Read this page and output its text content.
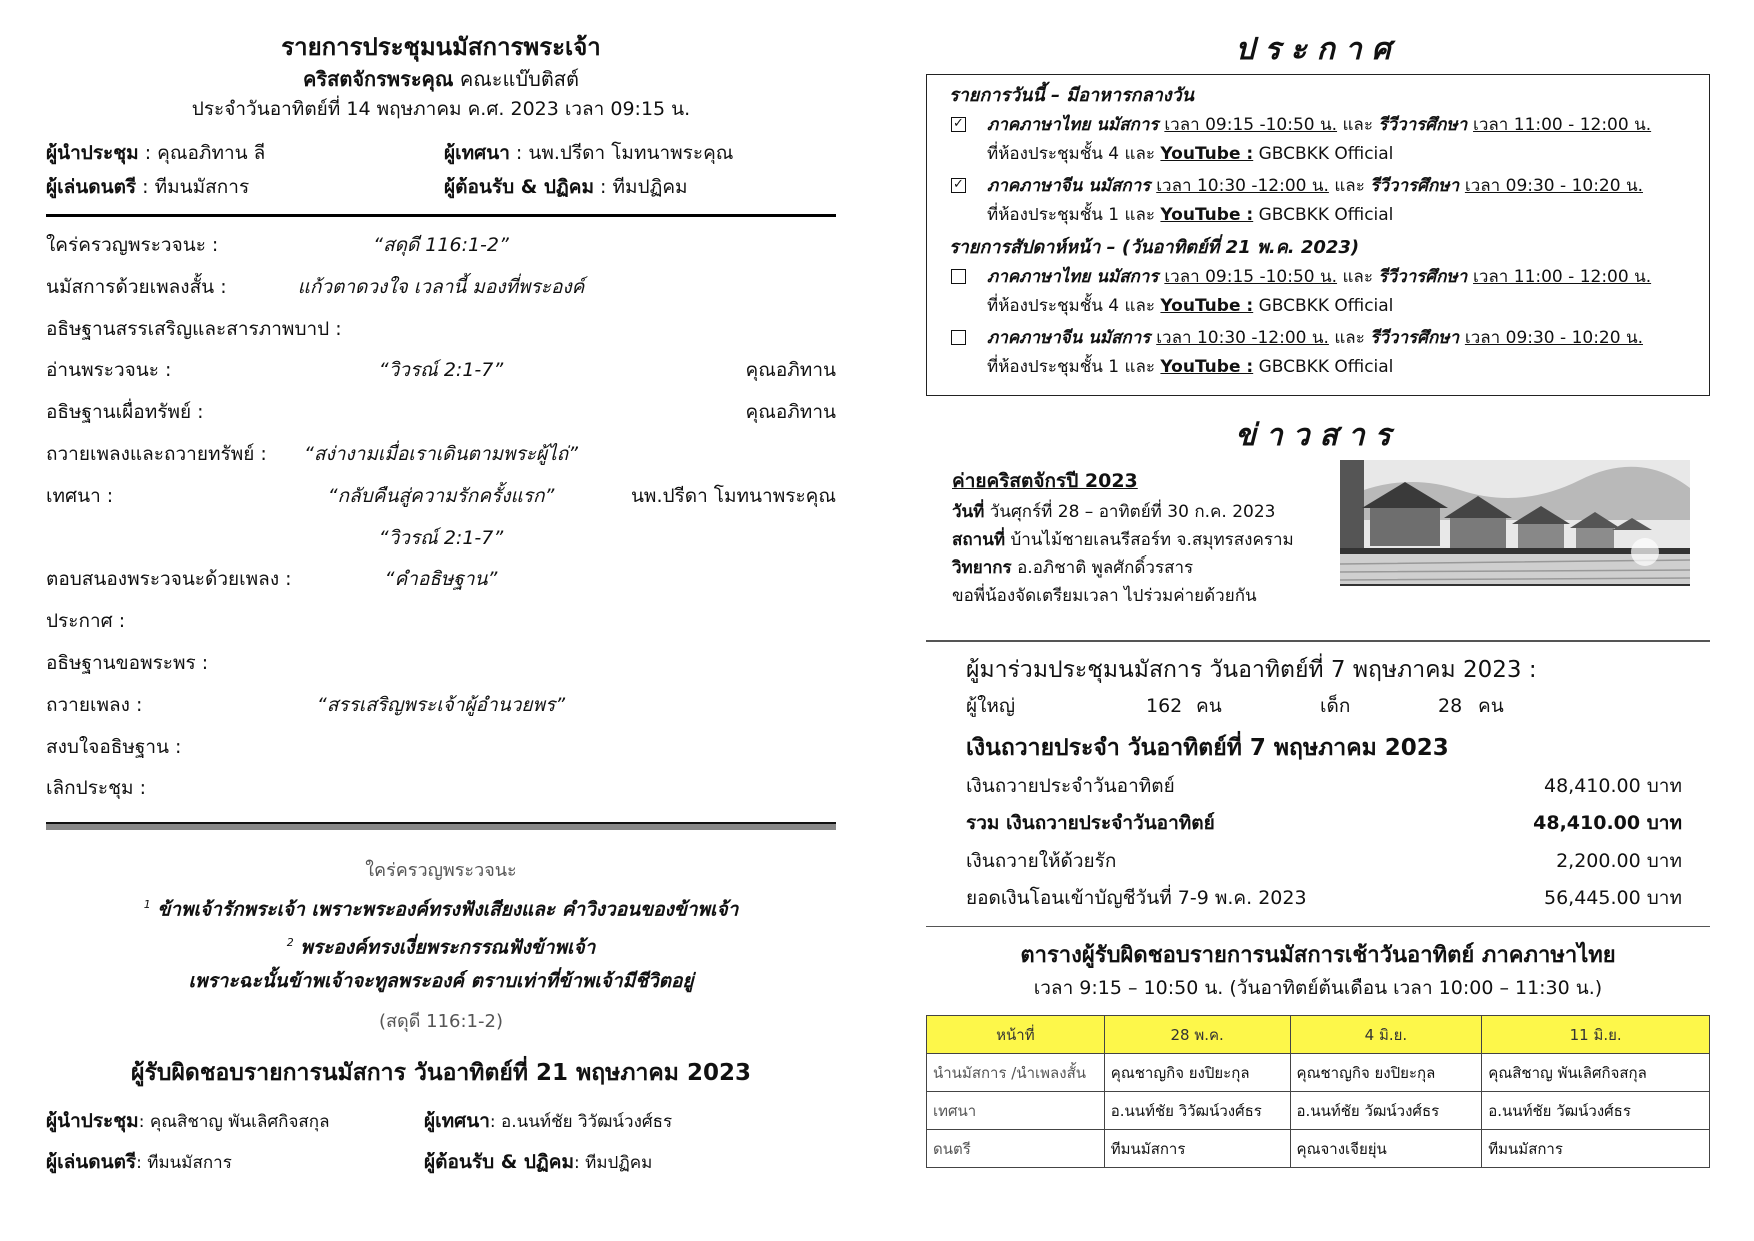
รายการประชุมนมัสการพระเจ้า
คริสตจักรพระคุณ คณะแบ๊บติสต์
ประจำวันอาทิตย์ที่ 14 พฤษภาคม ค.ศ. 2023 เวลา 09:15 น.
ผู้นำประชุม : คุณอภิทาน ลี	ผู้เทศนา : นพ.ปรีดา โมทนาพระคุณ
ผู้เล่นดนตรี : ทีมนมัสการ	ผู้ต้อนรับ & ปฏิคม : ทีมปฏิคม
ใคร่ครวญพระวจนะ :	“สดุดี 116:1-2”
นมัสการด้วยเพลงสั้น :	แก้วตาดวงใจ เวลานี้ มองที่พระองค์
อธิษฐานสรรเสริญและสารภาพบาป :
อ่านพระวจนะ :	“วิวรณ์ 2:1-7”	คุณอภิทาน
อธิษฐานเผื่อทรัพย์ :	คุณอภิทาน
ถวายเพลงและถวายทรัพย์ :	“สง่างามเมื่อเราเดินตามพระผู้ไถ่”
เทศนา :	“กลับคืนสู่ความรักครั้งแรก”	นพ.ปรีดา โมทนาพระคุณ
“วิวรณ์ 2:1-7”
ตอบสนองพระวจนะด้วยเพลง :	“คำอธิษฐาน”
ประกาศ :
อธิษฐานขอพระพร :
ถวายเพลง :	“สรรเสริญพระเจ้าผู้อำนวยพร”
สงบใจอธิษฐาน :
เลิกประชุม :
ใคร่ครวญพระวจนะ
$^1$ ข้าพเจ้ารักพระเจ้า เพราะพระองค์ทรงฟังเสียงและ คำวิงวอนของข้าพเจ้า
$^2$ พระองค์ทรงเงี่ยพระกรรณฟังข้าพเจ้า
เพราะฉะนั้นข้าพเจ้าจะทูลพระองค์ ตราบเท่าที่ข้าพเจ้ามีชีวิตอยู่
(สดุดี 116:1-2)
ผู้รับผิดชอบรายการนมัสการ วันอาทิตย์ที่ 21 พฤษภาคม 2023
ผู้นำประชุม: คุณสิชาญ พันเลิศกิจสกุล	ผู้เทศนา: อ.นนท์ชัย วิวัฒน์วงศ์ธร
ผู้เล่นดนตรี: ทีมนมัสการ	ผู้ต้อนรับ & ปฏิคม: ทีมปฏิคม
ประกาศ
รายการวันนี้ – มีอาหารกลางวัน
✓ ภาคภาษาไทย นมัสการ เวลา 09:15 -10:50 น. และ รีวีวารศึกษา เวลา 11:00 - 12:00 น.
ที่ห้องประชุมชั้น 4 และ YouTube : GBCBKK Official
✓ ภาคภาษาจีน นมัสการ เวลา 10:30 -12:00 น. และ รีวีวารศึกษา เวลา 09:30 - 10:20 น.
ที่ห้องประชุมชั้น 1 และ YouTube : GBCBKK Official
รายการสัปดาห์หน้า – (วันอาทิตย์ที่ 21 พ.ค. 2023)
ภาคภาษาไทย นมัสการ เวลา 09:15 -10:50 น. และ รีวีวารศึกษา เวลา 11:00 - 12:00 น.
ที่ห้องประชุมชั้น 4 และ YouTube : GBCBKK Official
ภาคภาษาจีน นมัสการ เวลา 10:30 -12:00 น. และ รีวีวารศึกษา เวลา 09:30 - 10:20 น.
ที่ห้องประชุมชั้น 1 และ YouTube : GBCBKK Official
ข่าวสาร
ค่ายคริสตจักรปี 2023
วันที่ วันศุกร์ที่ 28 – อาทิตย์ที่ 30 ก.ค. 2023
สถานที่ บ้านไม้ชายเลนรีสอร์ท จ.สมุทรสงคราม
วิทยากร อ.อภิชาติ พูลศักดิ์วรสาร
ขอพี่น้องจัดเตรียมเวลา ไปร่วมค่ายด้วยกัน
ผู้มาร่วมประชุมนมัสการ วันอาทิตย์ที่ 7 พฤษภาคม 2023 :
ผู้ใหญ่	162 คน	เด็ก	28 คน
เงินถวายประจำ วันอาทิตย์ที่ 7 พฤษภาคม 2023
เงินถวายประจำวันอาทิตย์	48,410.00 บาท
รวม เงินถวายประจำวันอาทิตย์	48,410.00 บาท
เงินถวายให้ด้วยรัก	2,200.00 บาท
ยอดเงินโอนเข้าบัญชีวันที่ 7-9 พ.ค. 2023	56,445.00 บาท
ตารางผู้รับผิดชอบรายการนมัสการเช้าวันอาทิตย์ ภาคภาษาไทย
เวลา 9:15 – 10:50 น. (วันอาทิตย์ต้นเดือน เวลา 10:00 – 11:30 น.)
หน้าที่	28 พ.ค.	4 มิ.ย.	11 มิ.ย.
นำนมัสการ /นำเพลงสั้น	คุณชาญกิจ ยงปิยะกุล	คุณชาญกิจ ยงปิยะกุล	คุณสิชาญ พันเลิศกิจสกุล
เทศนา	อ.นนท์ชัย วิวัฒน์วงศ์ธร	อ.นนท์ชัย วัฒน์วงศ์ธร	อ.นนท์ชัย วัฒน์วงศ์ธร
ดนตรี	ทีมนมัสการ	คุณจางเจียยุ่น	ทีมนมัสการ
